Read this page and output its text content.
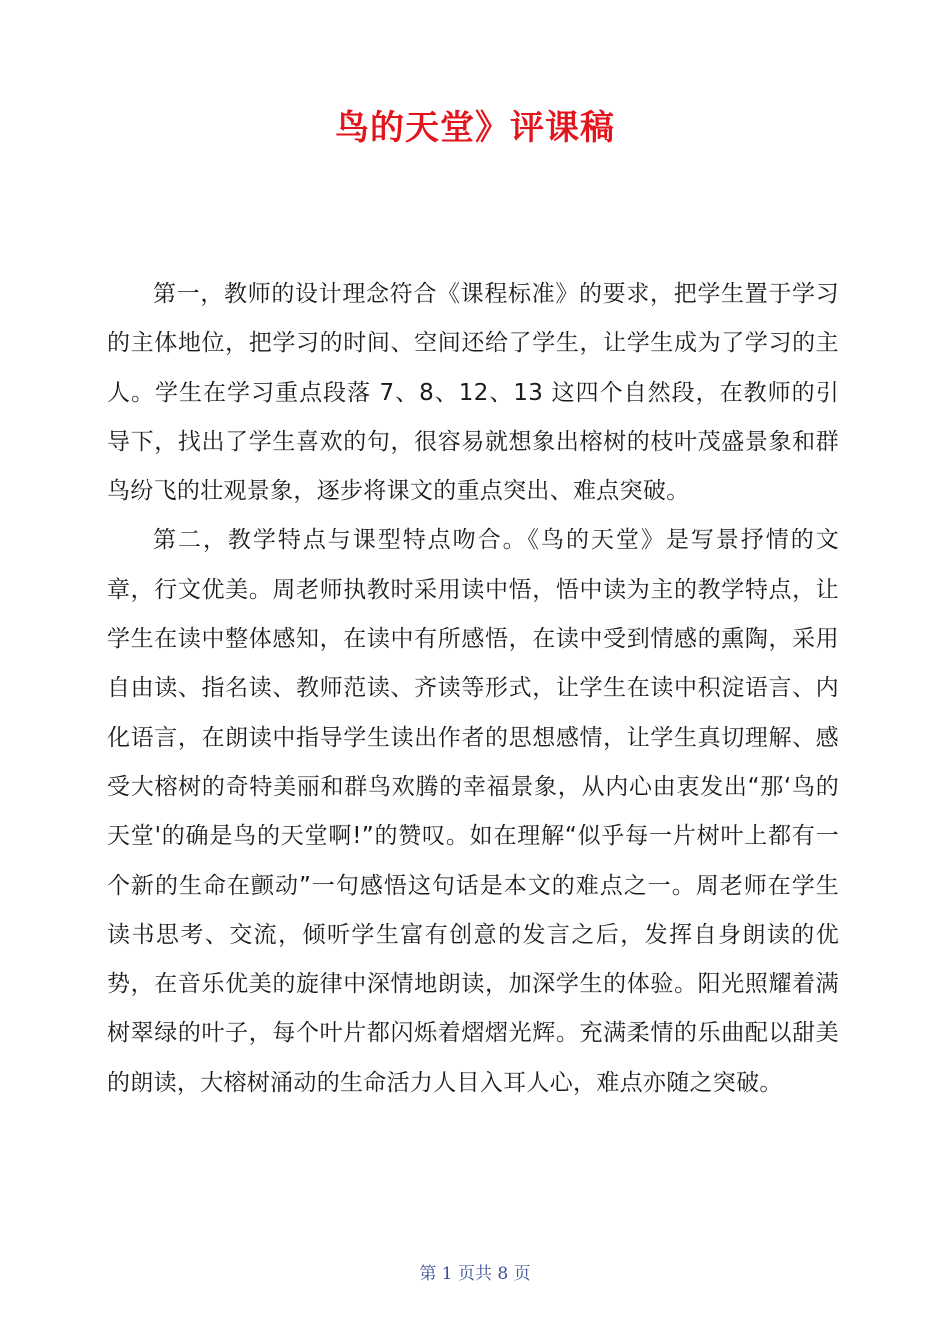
鸟的天堂》评课稿

第一，教师的设计理念符合《课程标准》的要求，把学生置于学习的主体地位，把学习的时间、空间还给了学生，让学生成为了学习的主人。学生在学习重点段落 7、8、12、13 这四个自然段，在教师的引导下，找出了学生喜欢的句，很容易就想象出榕树的枝叶茂盛景象和群鸟纷飞的壮观景象，逐步将课文的重点突出、难点突破。

第二，教学特点与课型特点吻合。《鸟的天堂》是写景抒情的文章，行文优美。周老师执教时采用读中悟，悟中读为主的教学特点，让学生在读中整体感知，在读中有所感悟，在读中受到情感的熏陶，采用自由读、指名读、教师范读、齐读等形式，让学生在读中积淀语言、内化语言，在朗读中指导学生读出作者的思想感情，让学生真切理解、感受大榕树的奇特美丽和群鸟欢腾的幸福景象，从内心由衷发出“那‘鸟的天堂'的确是鸟的天堂啊!”的赞叹。如在理解“似乎每一片树叶上都有一个新的生命在颤动”一句感悟这句话是本文的难点之一。周老师在学生读书思考、交流，倾听学生富有创意的发言之后，发挥自身朗读的优势，在音乐优美的旋律中深情地朗读，加深学生的体验。阳光照耀着满树翠绿的叶子，每个叶片都闪烁着熠熠光辉。充满柔情的乐曲配以甜美的朗读，大榕树涌动的生命活力人目入耳人心，难点亦随之突破。

第 1 页共 8 页
